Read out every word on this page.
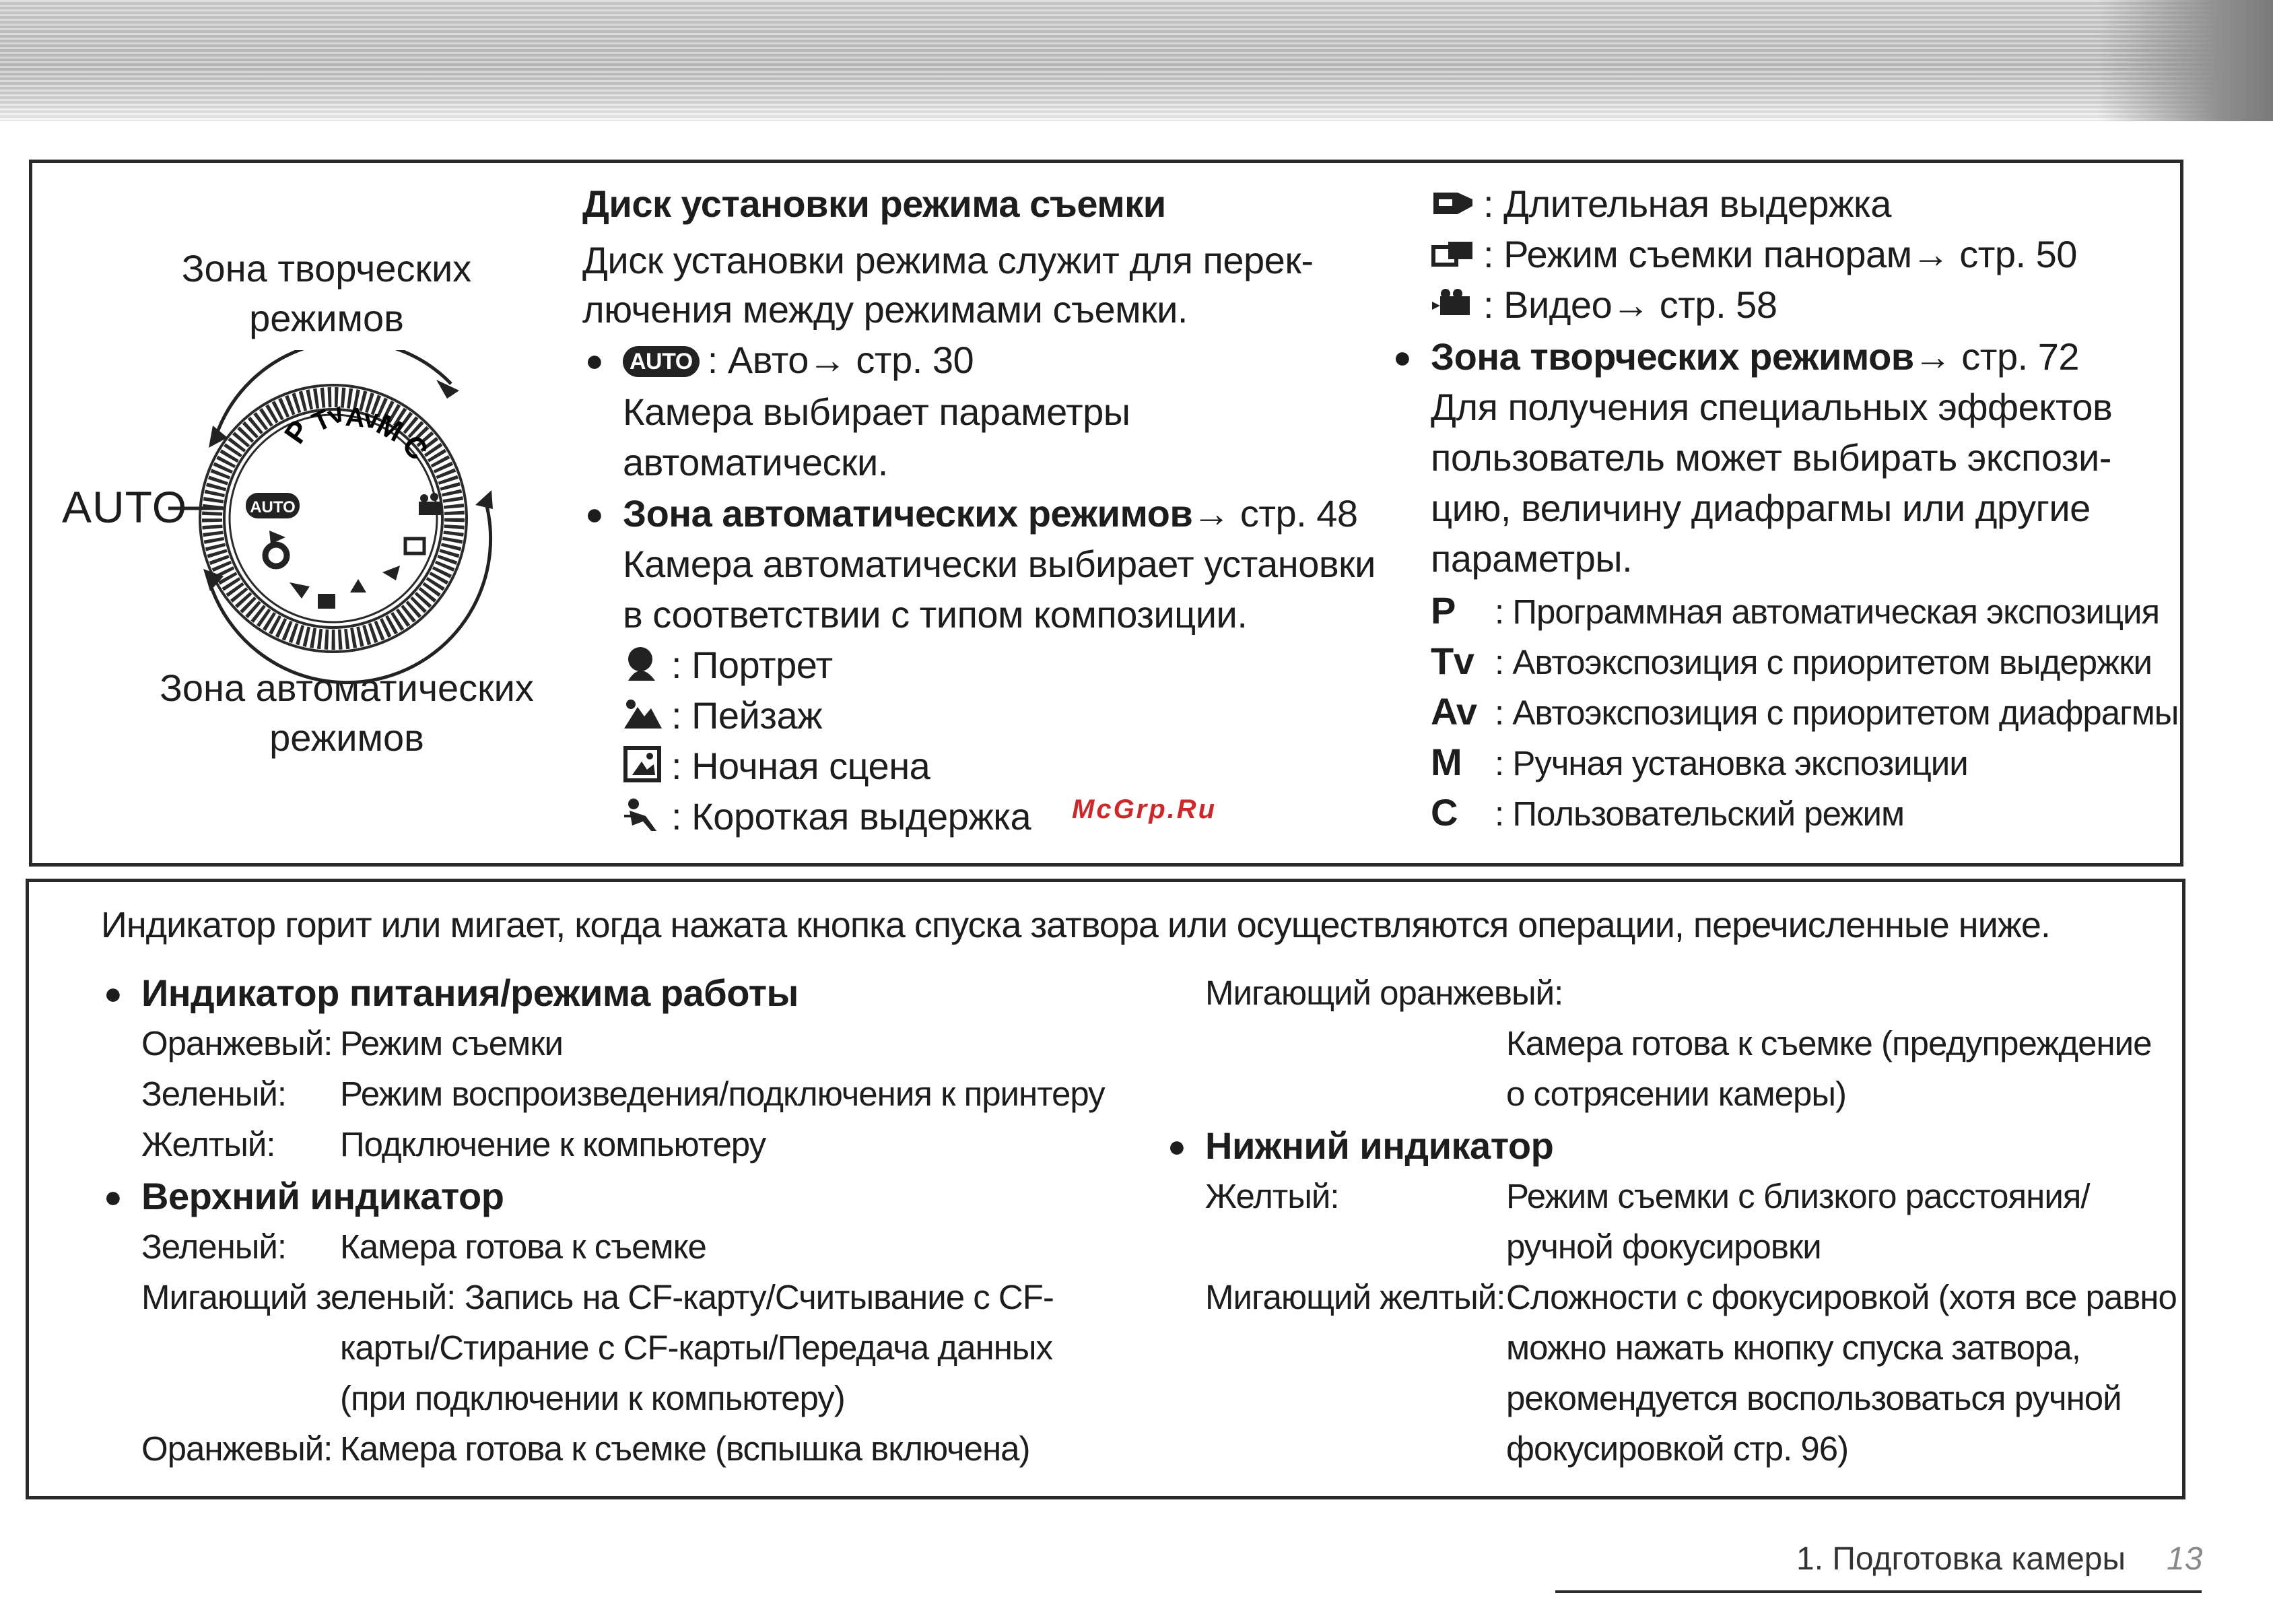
Зона творческих
режимов
Зона автоматических
режимов
AUTO	AUTO
P
Tv
Av
M
C
Диск установки режима съемки
Диск установки режима служит для перек-
лючения между режимами съемки.
● AUTO : Авто→ стр. 30
Камера выбирает параметры
автоматически.
● Зона автоматических режимов→ стр. 48
Камера автоматически выбирает установки
в соответствии с типом композиции.
: Портрет
: Пейзаж
: Ночная сцена
: Короткая выдержка McGrp.Ru
: Длительная выдержка
: Режим съемки панорам→ стр. 50
: Видео→ стр. 58
● Зона творческих режимов→ стр. 72
Для получения специальных эффектов
пользователь может выбирать экспози-
цию, величину диафрагмы или другие
параметры.
P : Программная автоматическая экспозиция
Tv : Автоэкспозиция с приоритетом выдержки
Av : Автоэкспозиция с приоритетом диафрагмы
M : Ручная установка экспозиции
C : Пользовательский режим
Индикатор горит или мигает, когда нажата кнопка спуска затвора или осуществляются операции, перечисленные ниже.
● Индикатор питания/режима работы
Оранжевый: Режим съемки
Зеленый: Режим воспроизведения/подключения к принтеру
Желтый: Подключение к компьютеру
● Верхний индикатор
Зеленый: Камера готова к съемке
Мигающий зеленый: Запись на CF-карту/Считывание с CF-
карты/Стирание с CF-карты/Передача данных
(при подключении к компьютеру)
Оранжевый: Камера готова к съемке (вспышка включена)
Мигающий оранжевый:
Камера готова к съемке (предупреждение
о сотрясении камеры)
● Нижний индикатор
Желтый:	Режим съемки с близкого расстояния/
ручной фокусировки
Мигающий желтый: Сложности с фокусировкой (хотя все равно
можно нажать кнопку спуска затвора,
рекомендуется воспользоваться ручной
фокусировкой стр. 96)
1. Подготовка камеры 13
